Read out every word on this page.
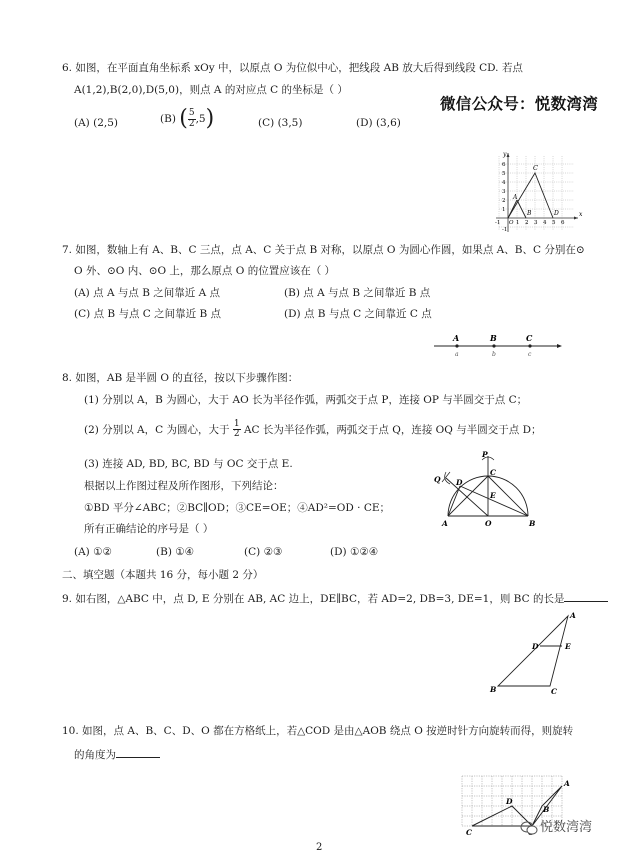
微信公众号：悦数湾湾
6. 如图，在平面直角坐标系 xOy 中，以原点 O 为位似中心，把线段 AB 放大后得到线段 CD. 若点
A(1,2),B(2,0),D(5,0)，则点 A 的对应点 C 的坐标是（ ）
(A) (2,5)	(B) ( $\frac{5}{2} ,5$)	(C) (3,5)	(D) (3,6)
y
x
6
5
4
3
2
1
-1
-1 O 1 2 3 4 5 6
A
B
C
D
7. 如图，数轴上有 A、B、C 三点，点 A、C 关于点 B 对称，以原点 O 为圆心作圆，如果点 A、B、C 分别在⊙
O 外、⊙O 内、⊙O 上，那么原点 O 的位置应该在（ ）
(A) 点 A 与点 B 之间靠近 A 点	(B) 点 A 与点 B 之间靠近 B 点
(C) 点 B 与点 C 之间靠近 B 点	(D) 点 B 与点 C 之间靠近 C 点
A	B	C
a	b	c
8. 如图，AB 是半圆 O 的直径，按以下步骤作图：
(1) 分别以 A，B 为圆心，大于 AO 长为半径作弧，两弧交于点 P，连接 OP 与半圆交于点 C；
(2) 分别以 A，C 为圆心，大于 $\frac{1}{2}$ AC 长为半径作弧，两弧交于点 Q，连接 OQ 与半圆交于点 D；
(3) 连接 AD, BD, BC, BD 与 OC 交于点 E.
根据以上作图过程及所作图形，下列结论：
①BD 平分∠ABC；②BC∥OD；③CE=OE；④AD²=OD · CE；
所有正确结论的序号是（ ）
(A) ①②	(B) ①④	(C) ②③	(D) ①②④
P
Q
C
D
E
A	O	B
二、填空题（本题共 16 分，每小题 2 分）
9. 如右图，△ABC 中，点 D, E 分别在 AB, AC 边上，DE∥BC，若 AD=2, DB=3, DE=1，则 BC 的长是
A
D	E
B	C
10. 如图，点 A、B、C、D、O 都在方格纸上，若△COD 是由△AOB 绕点 O 按逆时针方向旋转而得，则旋转
的角度为
A
B
C
D
悦数湾湾
2
